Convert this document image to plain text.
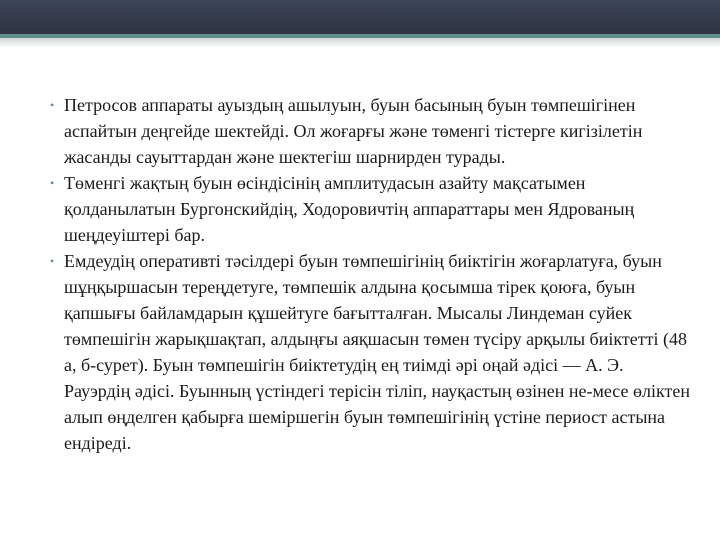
• Петросов аппараты ауыздың ашылуын, буын басының буын төмпешігінен аспайтын деңгейде шектейді. Ол жоғарғы және төменгі тістерге кигізілетін жасанды сауыттардан және шектегіш шарнирден турады.
• Төменгі жақтың буын өсіндісінің амплитудасын азайту мақсатымен қолданылатын Бургонскийдің, Ходоровичтің аппараттары мен Ядрованың шеңдеуіштері бар.
• Емдеудің оперативті тәсілдері буын төмпешігінің биіктігін жоғарлатуға, буын шұңқыршасын тереңдетуге, төмпешік алдына қосымша тірек қоюға, буын қапшығы байламдарын құшейтуге бағытталған. Мысалы Линдеман суйек төмпешігін жарықшақтап, алдыңғы аяқшасын төмен түсіру арқылы биіктетті (48 а, б-сурет). Буын төмпешігін биіктетудің ең тиімді әрі оңай әдісі — А. Э. Рауэрдің әдісі. Буынның үстіндегі терісін тіліп, науқастың өзінен не-месе өліктен алып өңделген қабырға шеміршегін буын төмпешігінің үстіне периост астына ендіреді.
